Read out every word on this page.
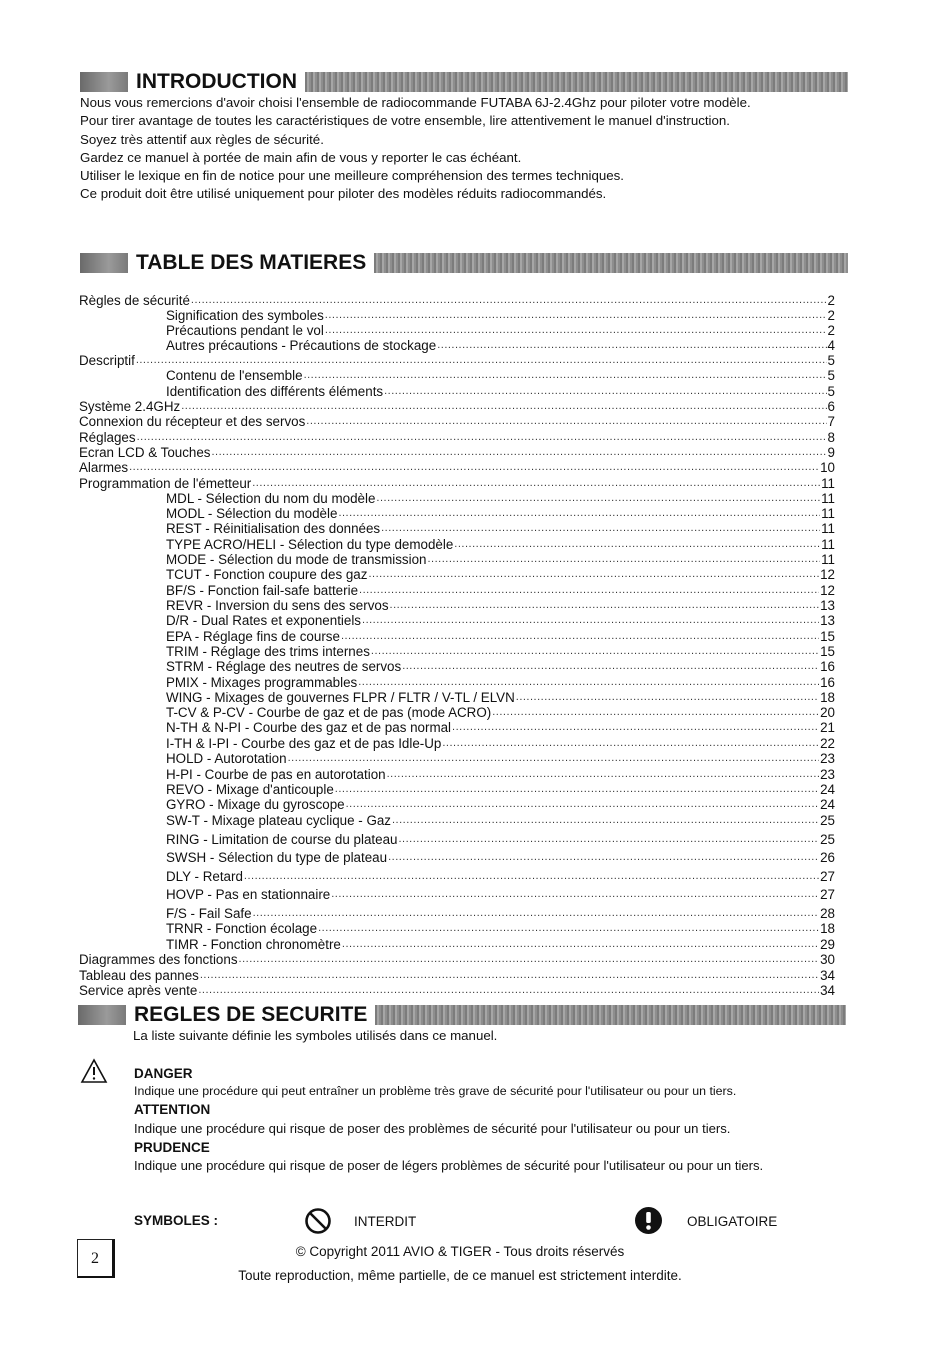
INTRODUCTION

Nous vous remercions d'avoir choisi l'ensemble de radiocommande FUTABA 6J-2.4Ghz pour piloter votre modèle.

Pour tirer avantage de toutes les caractéristiques de votre ensemble, lire attentivement le manuel d'instruction.

Soyez très attentif aux règles de sécurité.

Gardez ce manuel à portée de main afin de vous y reporter le cas échéant.

Utiliser le lexique en fin de notice pour une meilleure compréhension des termes techniques.

Ce produit doit être utilisé uniquement pour piloter des modèles réduits radiocommandés.

TABLE DES MATIERES
Règles de sécurité .....	2
Signification des symboles .....	2
Précautions pendant le vol .....	2
Autres précautions - Précautions de stockage .....	4
Descriptif .....	5
Contenu de l'ensemble .....	5
Identification des différents éléments .....	5
Système 2.4GHz .....	6
Connexion du récepteur et des servos .....	7
Réglages .....	8
Ecran LCD & Touches .....	9
Alarmes .....	10
Programmation de l'émetteur .....	11
MDL - Sélection du nom du modèle .....	11
MODL - Sélection du modèle .....	11
REST - Réinitialisation des données .....	11
TYPE ACRO/HELI - Sélection du type demodèle .....	11
MODE - Sélection du mode de transmission .....	11
TCUT - Fonction coupure des gaz .....	12
BF/S - Fonction fail-safe batterie .....	12
REVR - Inversion du sens des servos .....	13
D/R - Dual Rates et exponentiels .....	13
EPA - Réglage fins de course .....	15
TRIM - Réglage des trims internes .....	15
STRM - Réglage des neutres de servos .....	16
PMIX - Mixages programmables .....	16
WING - Mixages de gouvernes FLPR / FLTR / V-TL / ELVN .....	18
T-CV & P-CV - Courbe de gaz et de pas (mode ACRO) .....	20
N-TH & N-PI - Courbe des gaz et de pas normal .....	21
I-TH & I-PI - Courbe des gaz et de pas Idle-Up .....	22
HOLD - Autorotation .....	23
H-PI - Courbe de pas en autorotation .....	23
REVO - Mixage d'anticouple .....	24
GYRO - Mixage du gyroscope .....	24
SW-T - Mixage plateau cyclique - Gaz .....	25
RING - Limitation de course du plateau .....	25
SWSH - Sélection du type de plateau .....	26
DLY - Retard .....	27
HOVP - Pas en stationnaire .....	27
F/S - Fail Safe .....	28
TRNR - Fonction écolage .....	18
TIMR - Fonction chronomètre .....	29
Diagrammes des fonctions .....	30
Tableau des pannes .....	34
Service après vente .....	34
REGLES DE SECURITE
La liste suivante définie les symboles utilisés dans ce manuel.
DANGER
Indique une procédure qui peut entraîner un problème très grave de sécurité pour l'utilisateur ou pour un tiers.
ATTENTION
Indique une procédure qui risque de poser des problèmes de sécurité pour l'utilisateur ou pour un tiers.
PRUDENCE
Indique une procédure qui risque de poser de légers problèmes de sécurité pour l'utilisateur ou pour un tiers.
SYMBOLES :	INTERDIT	OBLIGATOIRE
2	© Copyright 2011 AVIO & TIGER - Tous droits réservés
Toute reproduction, même partielle, de ce manuel est strictement interdite.
